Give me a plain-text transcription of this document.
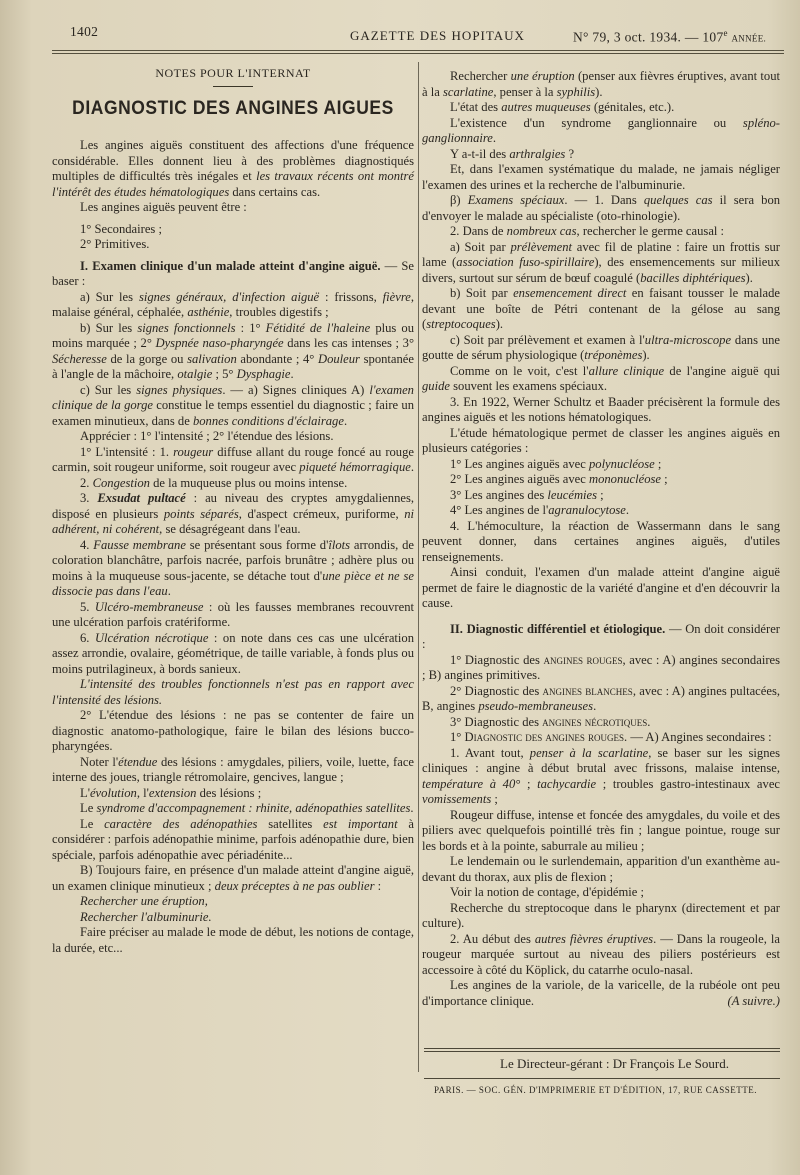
1402	GAZETTE DES HOPITAUX	N° 79, 3 oct. 1934. — 107e ANNÉE.
NOTES POUR L'INTERNAT
DIAGNOSTIC DES ANGINES AIGUES

Les angines aiguës constituent des affections d'une fréquence considérable. Elles donnent lieu à des problèmes diagnostiqués multiples de difficultés très inégales et les travaux récents ont montré l'intérêt des études hématologiques dans certains cas.

Les angines aiguës peuvent être :

1° Secondaires ;

2° Primitives.

I. Examen clinique d'un malade atteint d'angine aiguë. — Se baser :

a) Sur les signes généraux, d'infection aiguë : frissons, fièvre, malaise général, céphalée, asthénie, troubles digestifs ;

b) Sur les signes fonctionnels : 1° Fétidité de l'haleine plus ou moins marquée ; 2° Dyspnée naso-pharyngée dans les cas intenses ; 3° Sécheresse de la gorge ou salivation abondante ; 4° Douleur spontanée à l'angle de la mâchoire, otalgie ; 5° Dysphagie.

c) Sur les signes physiques. — a) Signes cliniques A) l'examen clinique de la gorge constitue le temps essentiel du diagnostic ; faire un examen minutieux, dans de bonnes conditions d'éclairage.

Apprécier : 1° l'intensité ; 2° l'étendue des lésions.

1° L'intensité : 1. rougeur diffuse allant du rouge foncé au rouge carmin, soit rougeur uniforme, soit rougeur avec piqueté hémorragique.

2. Congestion de la muqueuse plus ou moins intense.

3. Exsudat pultacé : au niveau des cryptes amygdaliennes, disposé en plusieurs points séparés, d'aspect crémeux, puriforme, ni adhérent, ni cohérent, se désagrégeant dans l'eau.

4. Fausse membrane se présentant sous forme d'îlots arrondis, de coloration blanchâtre, parfois nacrée, parfois brunâtre ; adhère plus ou moins à la muqueuse sous-jacente, se détache tout d'une pièce et ne se dissocie pas dans l'eau.

5. Ulcéro-membraneuse : où les fausses membranes recouvrent une ulcération parfois cratériforme.

6. Ulcération nécrotique : on note dans ces cas une ulcération assez arrondie, ovalaire, géométrique, de taille variable, à fonds plus ou moins putrilagineux, à bords sanieux.

L'intensité des troubles fonctionnels n'est pas en rapport avec l'intensité des lésions.

2° L'étendue des lésions : ne pas se contenter de faire un diagnostic anatomo-pathologique, faire le bilan des lésions bucco-pharyngées.

Noter l'étendue des lésions : amygdales, piliers, voile, luette, face interne des joues, triangle rétromolaire, gencives, langue ;

L'évolution, l'extension des lésions ;

Le syndrome d'accompagnement : rhinite, adénopathies satellites.

Le caractère des adénopathies satellites est important à considérer : parfois adénopathie minime, parfois adénopathie dure, bien spéciale, parfois adénopathie avec périadénite...

B) Toujours faire, en présence d'un malade atteint d'angine aiguë, un examen clinique minutieux ; deux préceptes à ne pas oublier :

Rechercher une éruption,

Rechercher l'albuminurie.

Faire préciser au malade le mode de début, les notions de contage, la durée, etc...

Rechercher une éruption (penser aux fièvres éruptives, avant tout à la scarlatine, penser à la syphilis).

L'état des autres muqueuses (génitales, etc.).

L'existence d'un syndrome ganglionnaire ou spléno-ganglionnaire.

Y a-t-il des arthralgies ?

Et, dans l'examen systématique du malade, ne jamais négliger l'examen des urines et la recherche de l'albuminurie.

β) Examens spéciaux. — 1. Dans quelques cas il sera bon d'envoyer le malade au spécialiste (oto-rhinologie).

2. Dans de nombreux cas, rechercher le germe causal :

a) Soit par prélèvement avec fil de platine : faire un frottis sur lame (association fuso-spirillaire), des ensemencements sur milieux divers, surtout sur sérum de bœuf coagulé (bacilles diphtériques).

b) Soit par ensemencement direct en faisant tousser le malade devant une boîte de Pétri contenant de la gélose au sang (streptocoques).

c) Soit par prélèvement et examen à l'ultra-microscope dans une goutte de sérum physiologique (tréponèmes).

Comme on le voit, c'est l'allure clinique de l'angine aiguë qui guide souvent les examens spéciaux.

3. En 1922, Werner Schultz et Baader précisèrent la formule des angines aiguës et les notions hématologiques.

L'étude hématologique permet de classer les angines aiguës en plusieurs catégories :

1° Les angines aiguës avec polynucléose ;

2° Les angines aiguës avec mononucléose ;

3° Les angines des leucémies ;

4° Les angines de l'agranulocytose.

4. L'hémoculture, la réaction de Wassermann dans le sang peuvent donner, dans certaines angines aiguës, d'utiles renseignements.

Ainsi conduit, l'examen d'un malade atteint d'angine aiguë permet de faire le diagnostic de la variété d'angine et d'en découvrir la cause.

II. Diagnostic différentiel et étiologique. — On doit considérer :

1° Diagnostic des angines rouges, avec : A) angines secondaires ; B) angines primitives.

2° Diagnostic des angines blanches, avec : A) angines pultacées, B, angines pseudo-membraneuses.

3° Diagnostic des angines nécrotiques.

1° Diagnostic des angines rouges. — A) Angines secondaires :

1. Avant tout, penser à la scarlatine, se baser sur les signes cliniques : angine à début brutal avec frissons, malaise intense, température à 40° ; tachycardie ; troubles gastro-intestinaux avec vomissements ;

Rougeur diffuse, intense et foncée des amygdales, du voile et des piliers avec quelquefois pointillé très fin ; langue pointue, rouge sur les bords et à la pointe, saburrale au milieu ;

Le lendemain ou le surlendemain, apparition d'un exanthème au-devant du thorax, aux plis de flexion ;

Voir la notion de contage, d'épidémie ;

Recherche du streptocoque dans le pharynx (directement et par culture).

2. Au début des autres fièvres éruptives. — Dans la rougeole, la rougeur marquée surtout au niveau des piliers postérieurs est accessoire à côté du Köplick, du catarrhe oculo-nasal.

Les angines de la variole, de la varicelle, de la rubéole ont peu d'importance clinique.	(A suivre.)

Le Directeur-gérant : Dr François Le Sourd.
PARIS. — SOC. GÉN. D'IMPRIMERIE ET D'ÉDITION, 17, RUE CASSETTE.
